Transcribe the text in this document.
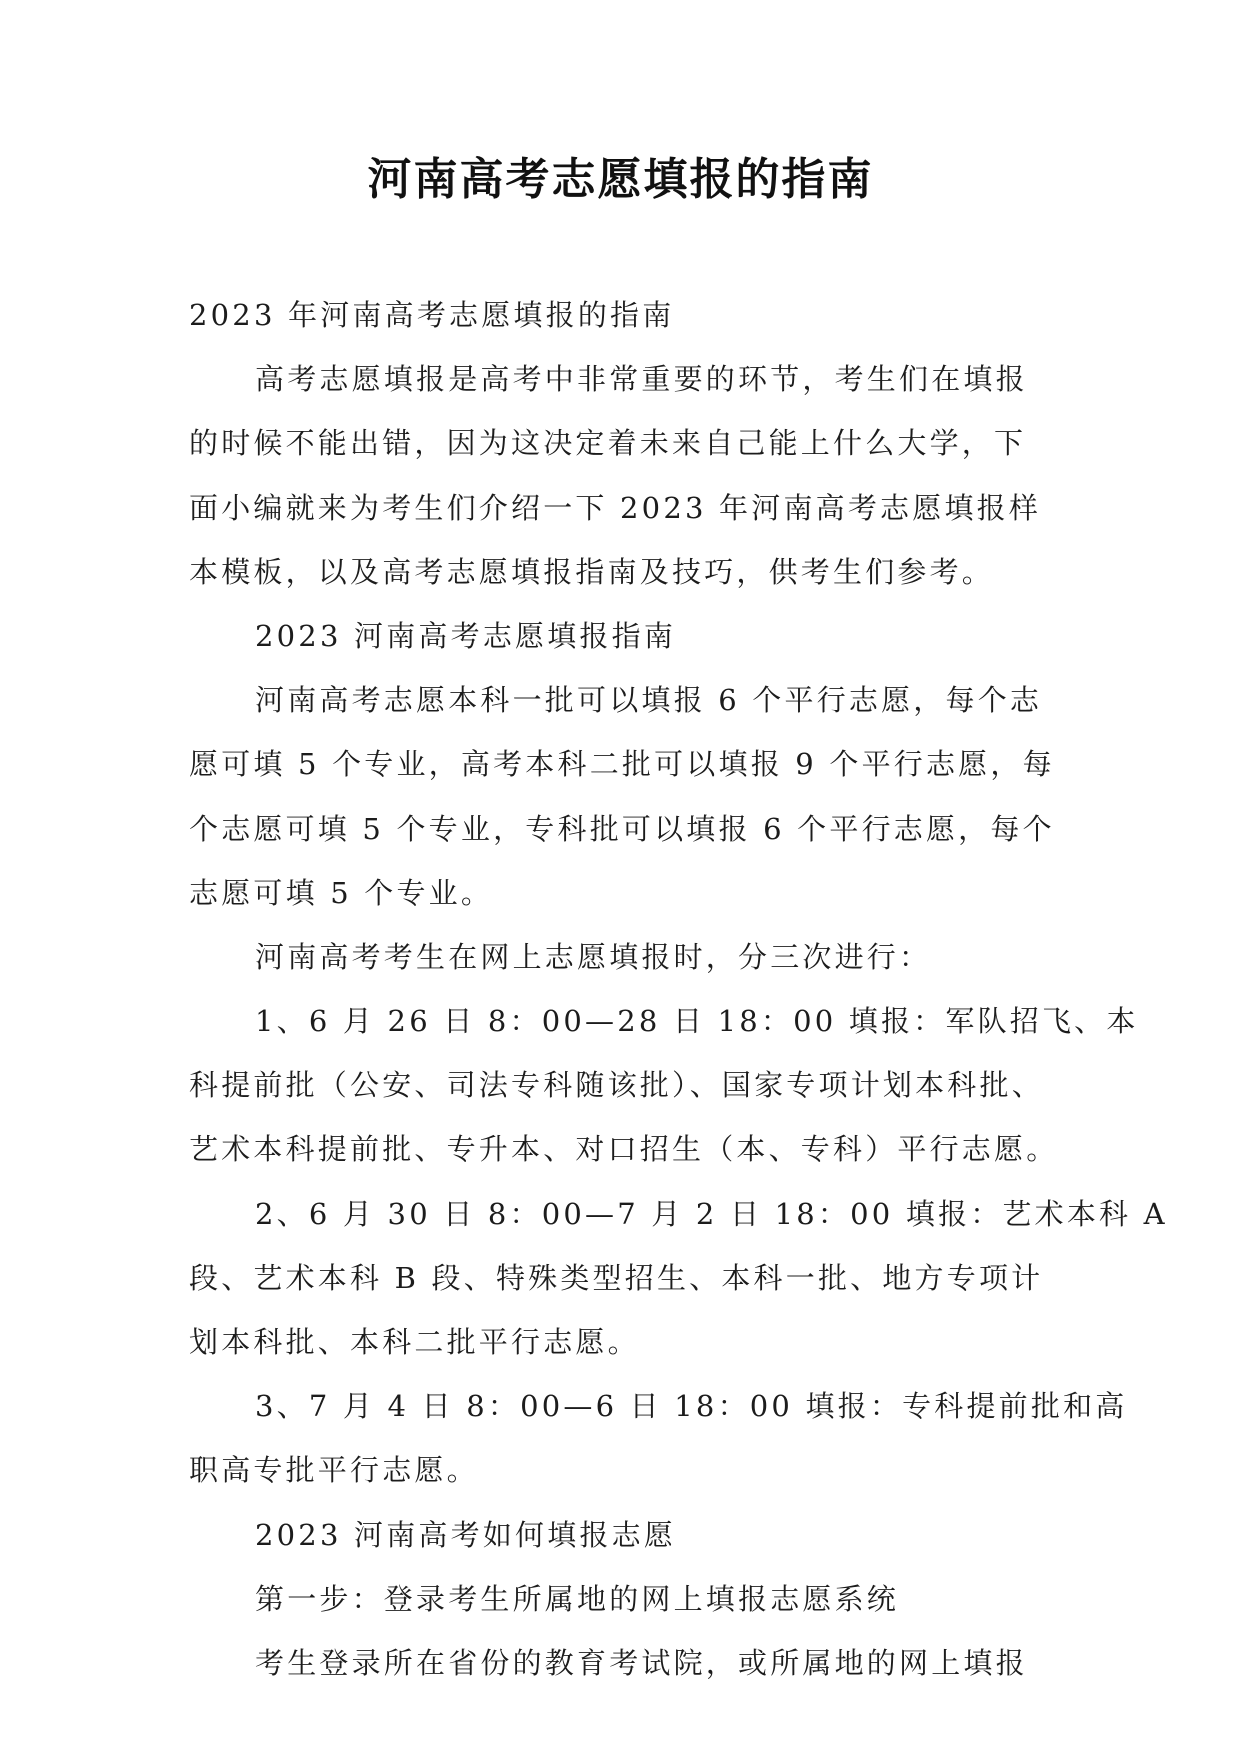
河南高考志愿填报的指南
2023 年河南高考志愿填报的指南
高考志愿填报是高考中非常重要的环节，考生们在填报
的时候不能出错，因为这决定着未来自己能上什么大学，下
面小编就来为考生们介绍一下 2023 年河南高考志愿填报样
本模板，以及高考志愿填报指南及技巧，供考生们参考。
2023 河南高考志愿填报指南
河南高考志愿本科一批可以填报 6 个平行志愿，每个志
愿可填 5 个专业，高考本科二批可以填报 9 个平行志愿，每
个志愿可填 5 个专业，专科批可以填报 6 个平行志愿，每个
志愿可填 5 个专业。
河南高考考生在网上志愿填报时，分三次进行：
1、6 月 26 日 8：00—28 日 18：00 填报：军队招飞、本
科提前批（公安、司法专科随该批）、国家专项计划本科批、
艺术本科提前批、专升本、对口招生（本、专科）平行志愿。
2、6 月 30 日 8：00—7 月 2 日 18：00 填报：艺术本科 A
段、艺术本科 B 段、特殊类型招生、本科一批、地方专项计
划本科批、本科二批平行志愿。
3、7 月 4 日 8：00—6 日 18：00 填报：专科提前批和高
职高专批平行志愿。
2023 河南高考如何填报志愿
第一步：登录考生所属地的网上填报志愿系统
考生登录所在省份的教育考试院，或所属地的网上填报
